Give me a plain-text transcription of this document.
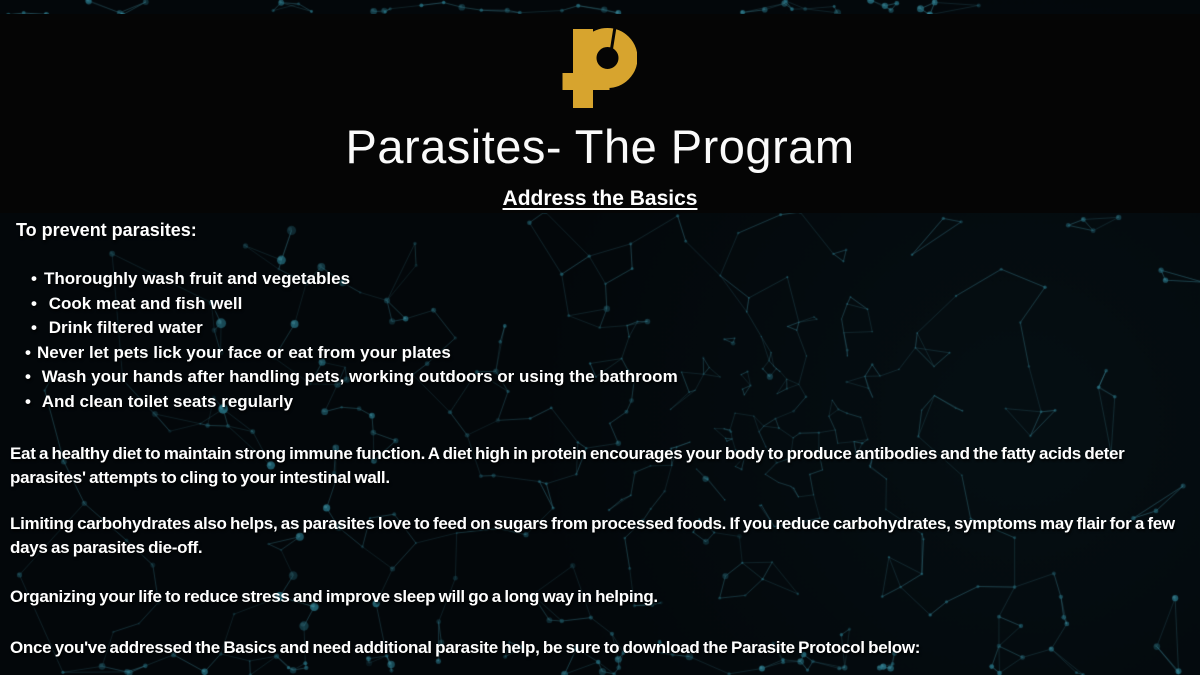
Parasites- The Program
Address the Basics
To prevent parasites:
• Thoroughly wash fruit and vegetables
•  Cook meat and fish well
•  Drink filtered water
• Never let pets lick your face or eat from your plates
•  Wash your hands after handling pets, working outdoors or using the bathroom
•  And clean toilet seats regularly

Eat a healthy diet to maintain strong immune function. A diet high in protein encourages your body to produce antibodies and the fatty acids deter parasites' attempts to cling to your intestinal wall.

Limiting carbohydrates also helps, as parasites love to feed on sugars from processed foods. If you reduce carbohydrates, symptoms may flair for a few days as parasites die-off.

Organizing your life to reduce stress and improve sleep will go a long way in helping.

Once you've addressed the Basics and need additional parasite help, be sure to download the Parasite Protocol below:
